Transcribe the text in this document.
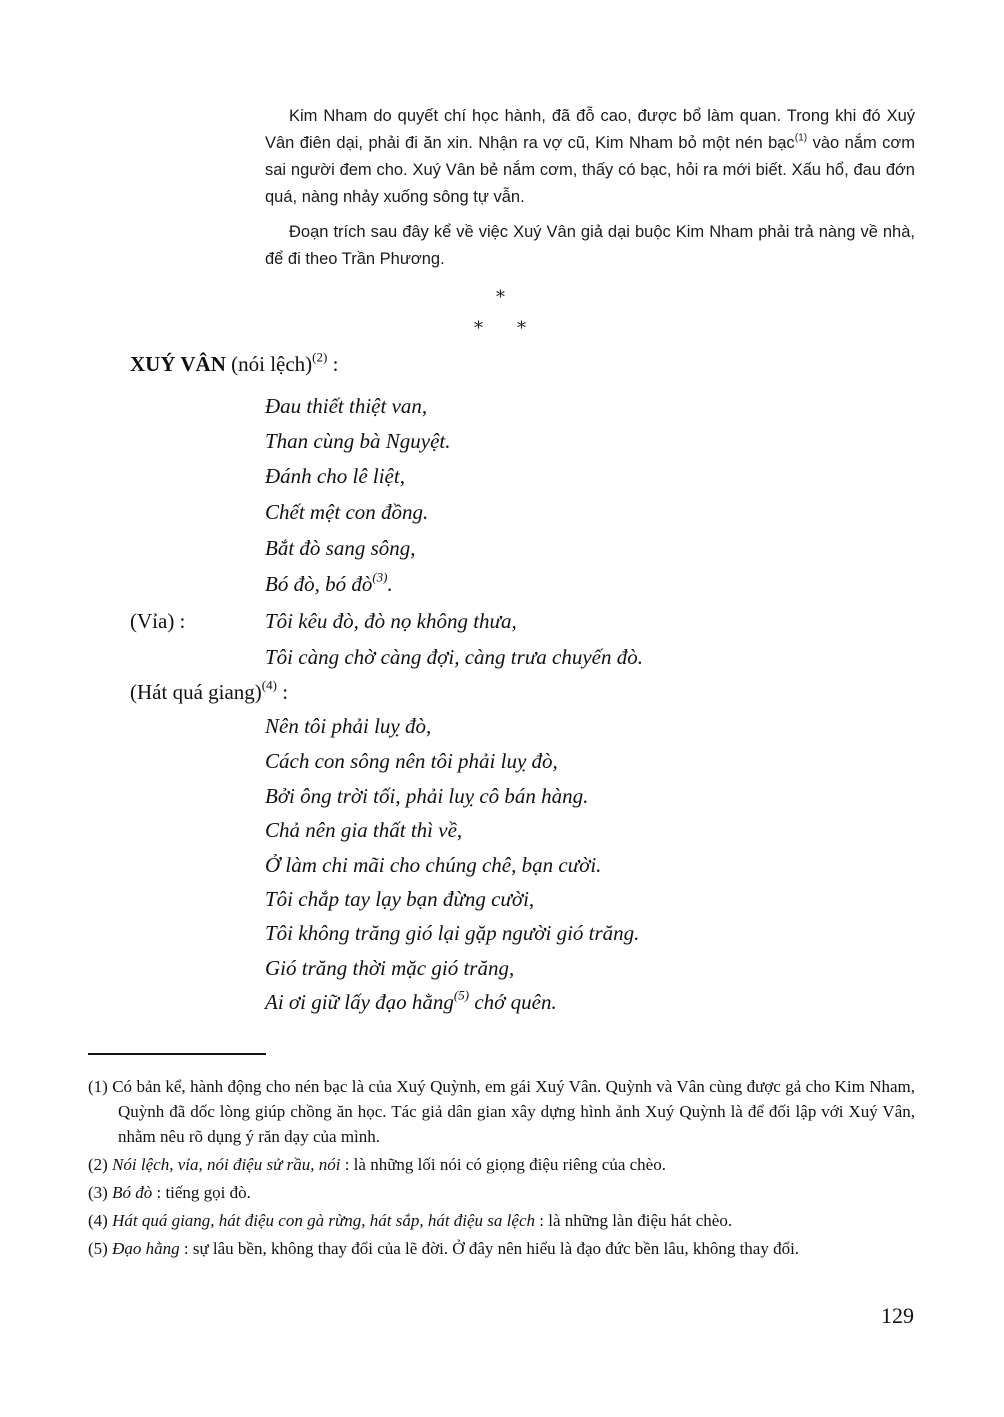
Kim Nham do quyết chí học hành, đã đỗ cao, được bổ làm quan. Trong khi đó Xuý Vân điên dại, phải đi ăn xin. Nhận ra vợ cũ, Kim Nham bỏ một nén bạc$^{(1)}$ vào nắm cơm sai người đem cho. Xuý Vân bẻ nắm cơm, thấy có bạc, hỏi ra mới biết. Xấu hổ, đau đớn quá, nàng nhảy xuống sông tự vẫn.

Đoạn trích sau đây kể về việc Xuý Vân giả dại buộc Kim Nham phải trả nàng về nhà, để đi theo Trần Phương.

*
* *
XUÝ VÂN (nói lệch)$^{(2)}$ :
Đau thiết thiệt van,
Than cùng bà Nguyệt.
Đánh cho lê liệt,
Chết mệt con đồng.
Bắt đò sang sông,
Bó đò, bó $đò^{(3)}$.
(Vỉa) :	Tôi kêu đò, đò nọ không thưa,
Tôi càng chờ càng đợi, càng trưa chuyến đò.
(Hát quá giang)$^{(4)}$ :
Nên tôi phải luỵ đò,
Cách con sông nên tôi phải luỵ đò,
Bởi ông trời tối, phải luỵ cô bán hàng.
Chả nên gia thất thì về,
Ở làm chi mãi cho chúng chê, bạn cười.
Tôi chắp tay lạy bạn đừng cười,
Tôi không trăng gió lại gặp người gió trăng.
Gió trăng thời mặc gió trăng,
Ai ơi giữ lấy đạo hằng$^{(5)}$ chớ quên.

(1) Có bản kể, hành động cho nén bạc là của Xuý Quỳnh, em gái Xuý Vân. Quỳnh và Vân cùng được gả cho Kim Nham, Quỳnh đã dốc lòng giúp chồng ăn học. Tác giả dân gian xây dựng hình ảnh Xuý Quỳnh là để đối lập với Xuý Vân, nhằm nêu rõ dụng ý răn dạy của mình.

(2) Nói lệch, vỉa, nói điệu sử rầu, nói : là những lối nói có giọng điệu riêng của chèo.

(3) Bó đò : tiếng gọi đò.

(4) Hát quá giang, hát điệu con gà rừng, hát sắp, hát điệu sa lệch : là những làn điệu hát chèo.

(5) Đạo hằng : sự lâu bền, không thay đổi của lẽ đời. Ở đây nên hiểu là đạo đức bền lâu, không thay đổi.

129
